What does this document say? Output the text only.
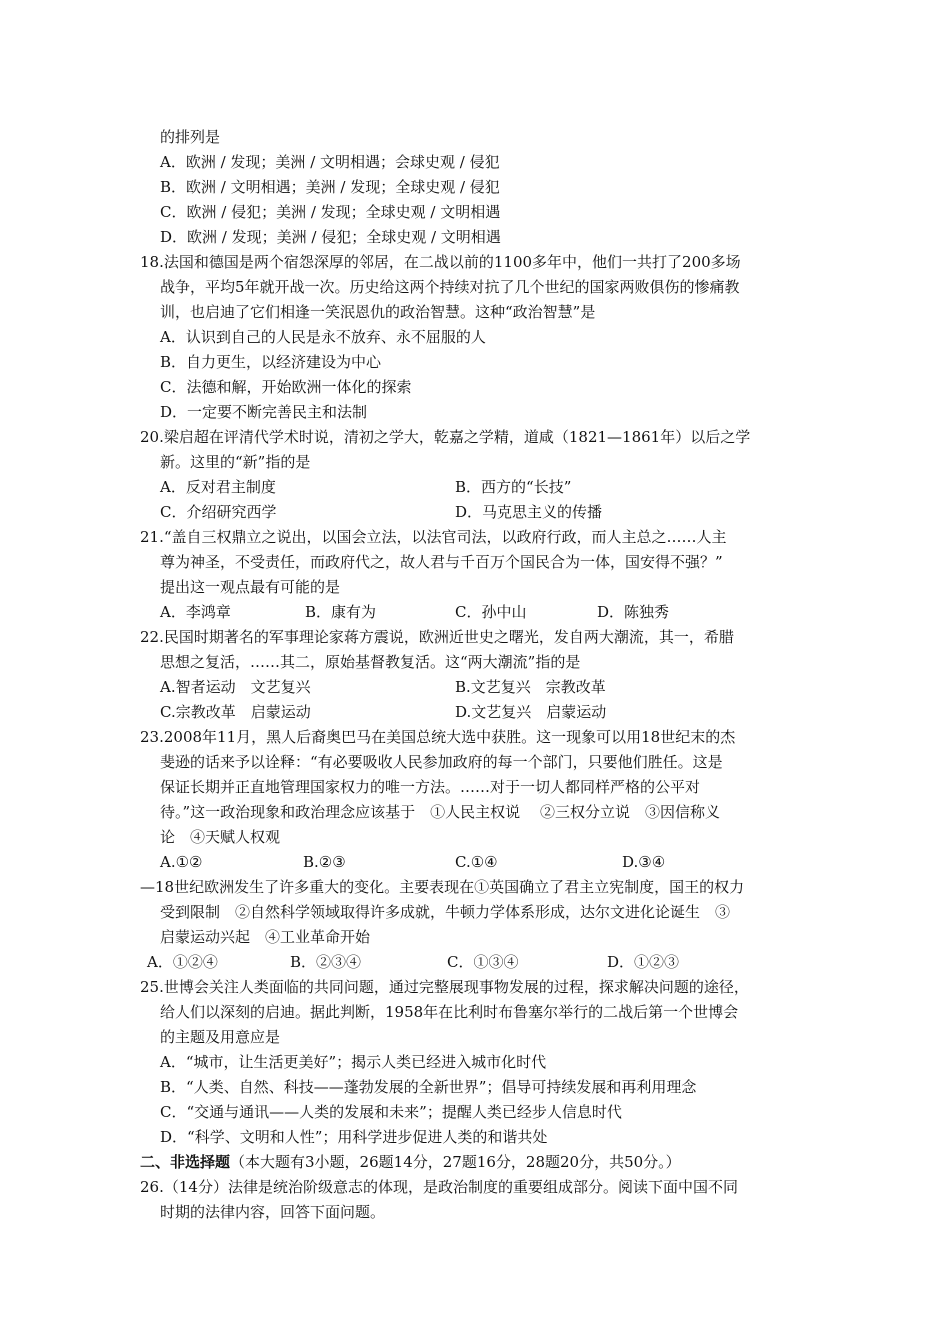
的排列是
A．欧洲 / 发现；美洲 / 文明相遇；会球史观 / 侵犯
B．欧洲 / 文明相遇；美洲 / 发现；全球史观 / 侵犯
C．欧洲 / 侵犯；美洲 / 发现；全球史观 / 文明相遇
D．欧洲 / 发现；美洲 / 侵犯；全球史观 / 文明相遇
18.法国和德国是两个宿怨深厚的邻居，在二战以前的1100多年中，他们一共打了200多场
战争，平均5年就开战一次。历史给这两个持续对抗了几个世纪的国家两败俱伤的惨痛教
训，也启迪了它们相逢一笑泯恩仇的政治智慧。这种“政治智慧”是
A．认识到自己的人民是永不放弃、永不屈服的人
B．自力更生，以经济建设为中心
C．法德和解，开始欧洲一体化的探索
D．一定要不断完善民主和法制
20.梁启超在评清代学术时说，清初之学大，乾嘉之学精，道咸（1821—1861年）以后之学
新。这里的“新”指的是
A．反对君主制度	B．西方的“长技”
C．介绍研究西学	D．马克思主义的传播
21.“盖自三权鼎立之说出，以国会立法，以法官司法，以政府行政，而人主总之……人主
尊为神圣，不受责任，而政府代之，故人君与千百万个国民合为一体，国安得不强？”
提出这一观点最有可能的是
A．李鸿章	B．康有为	C．孙中山	D．陈独秀
22.民国时期著名的军事理论家蒋方震说，欧洲近世史之曙光，发自两大潮流，其一，希腊
思想之复活，……其二，原始基督教复活。这“两大潮流”指的是
A.智者运动　文艺复兴	B.文艺复兴　宗教改革
C.宗教改革　启蒙运动	D.文艺复兴　启蒙运动
23.2008年11月，黑人后裔奥巴马在美国总统大选中获胜。这一现象可以用18世纪末的杰
斐逊的话来予以诠释：“有必要吸收人民参加政府的每一个部门，只要他们胜任。这是
保证长期并正直地管理国家权力的唯一方法。……对于一切人都同样严格的公平对
待。”这一政治现象和政治理念应该基于　①人民主权说　 ②三权分立说　③因信称义
论　④天赋人权观
A.①②	B.②③	C.①④	D.③④
—18世纪欧洲发生了许多重大的变化。主要表现在①英国确立了君主立宪制度，国王的权力
受到限制　②自然科学领域取得许多成就，牛顿力学体系形成，达尔文进化论诞生　③
启蒙运动兴起　④工业革命开始
A．①②④	B．②③④	C．①③④	D．①②③
25.世博会关注人类面临的共同问题，通过完整展现事物发展的过程，探求解决问题的途径，
给人们以深刻的启迪。据此判断，1958年在比利时布鲁塞尔举行的二战后第一个世博会
的主题及用意应是
A．“城市，让生活更美好”；揭示人类已经进入城市化时代
B．“人类、自然、科技——蓬勃发展的全新世界”；倡导可持续发展和再利用理念
C．“交通与通讯——人类的发展和未来”；提醒人类已经步人信息时代
D．“科学、文明和人性”；用科学进步促进人类的和谐共处
二、非选择题（本大题有3小题，26题14分，27题16分，28题20分，共50分。）
26.（14分）法律是统治阶级意志的体现，是政治制度的重要组成部分。阅读下面中国不同
时期的法律内容，回答下面问题。
